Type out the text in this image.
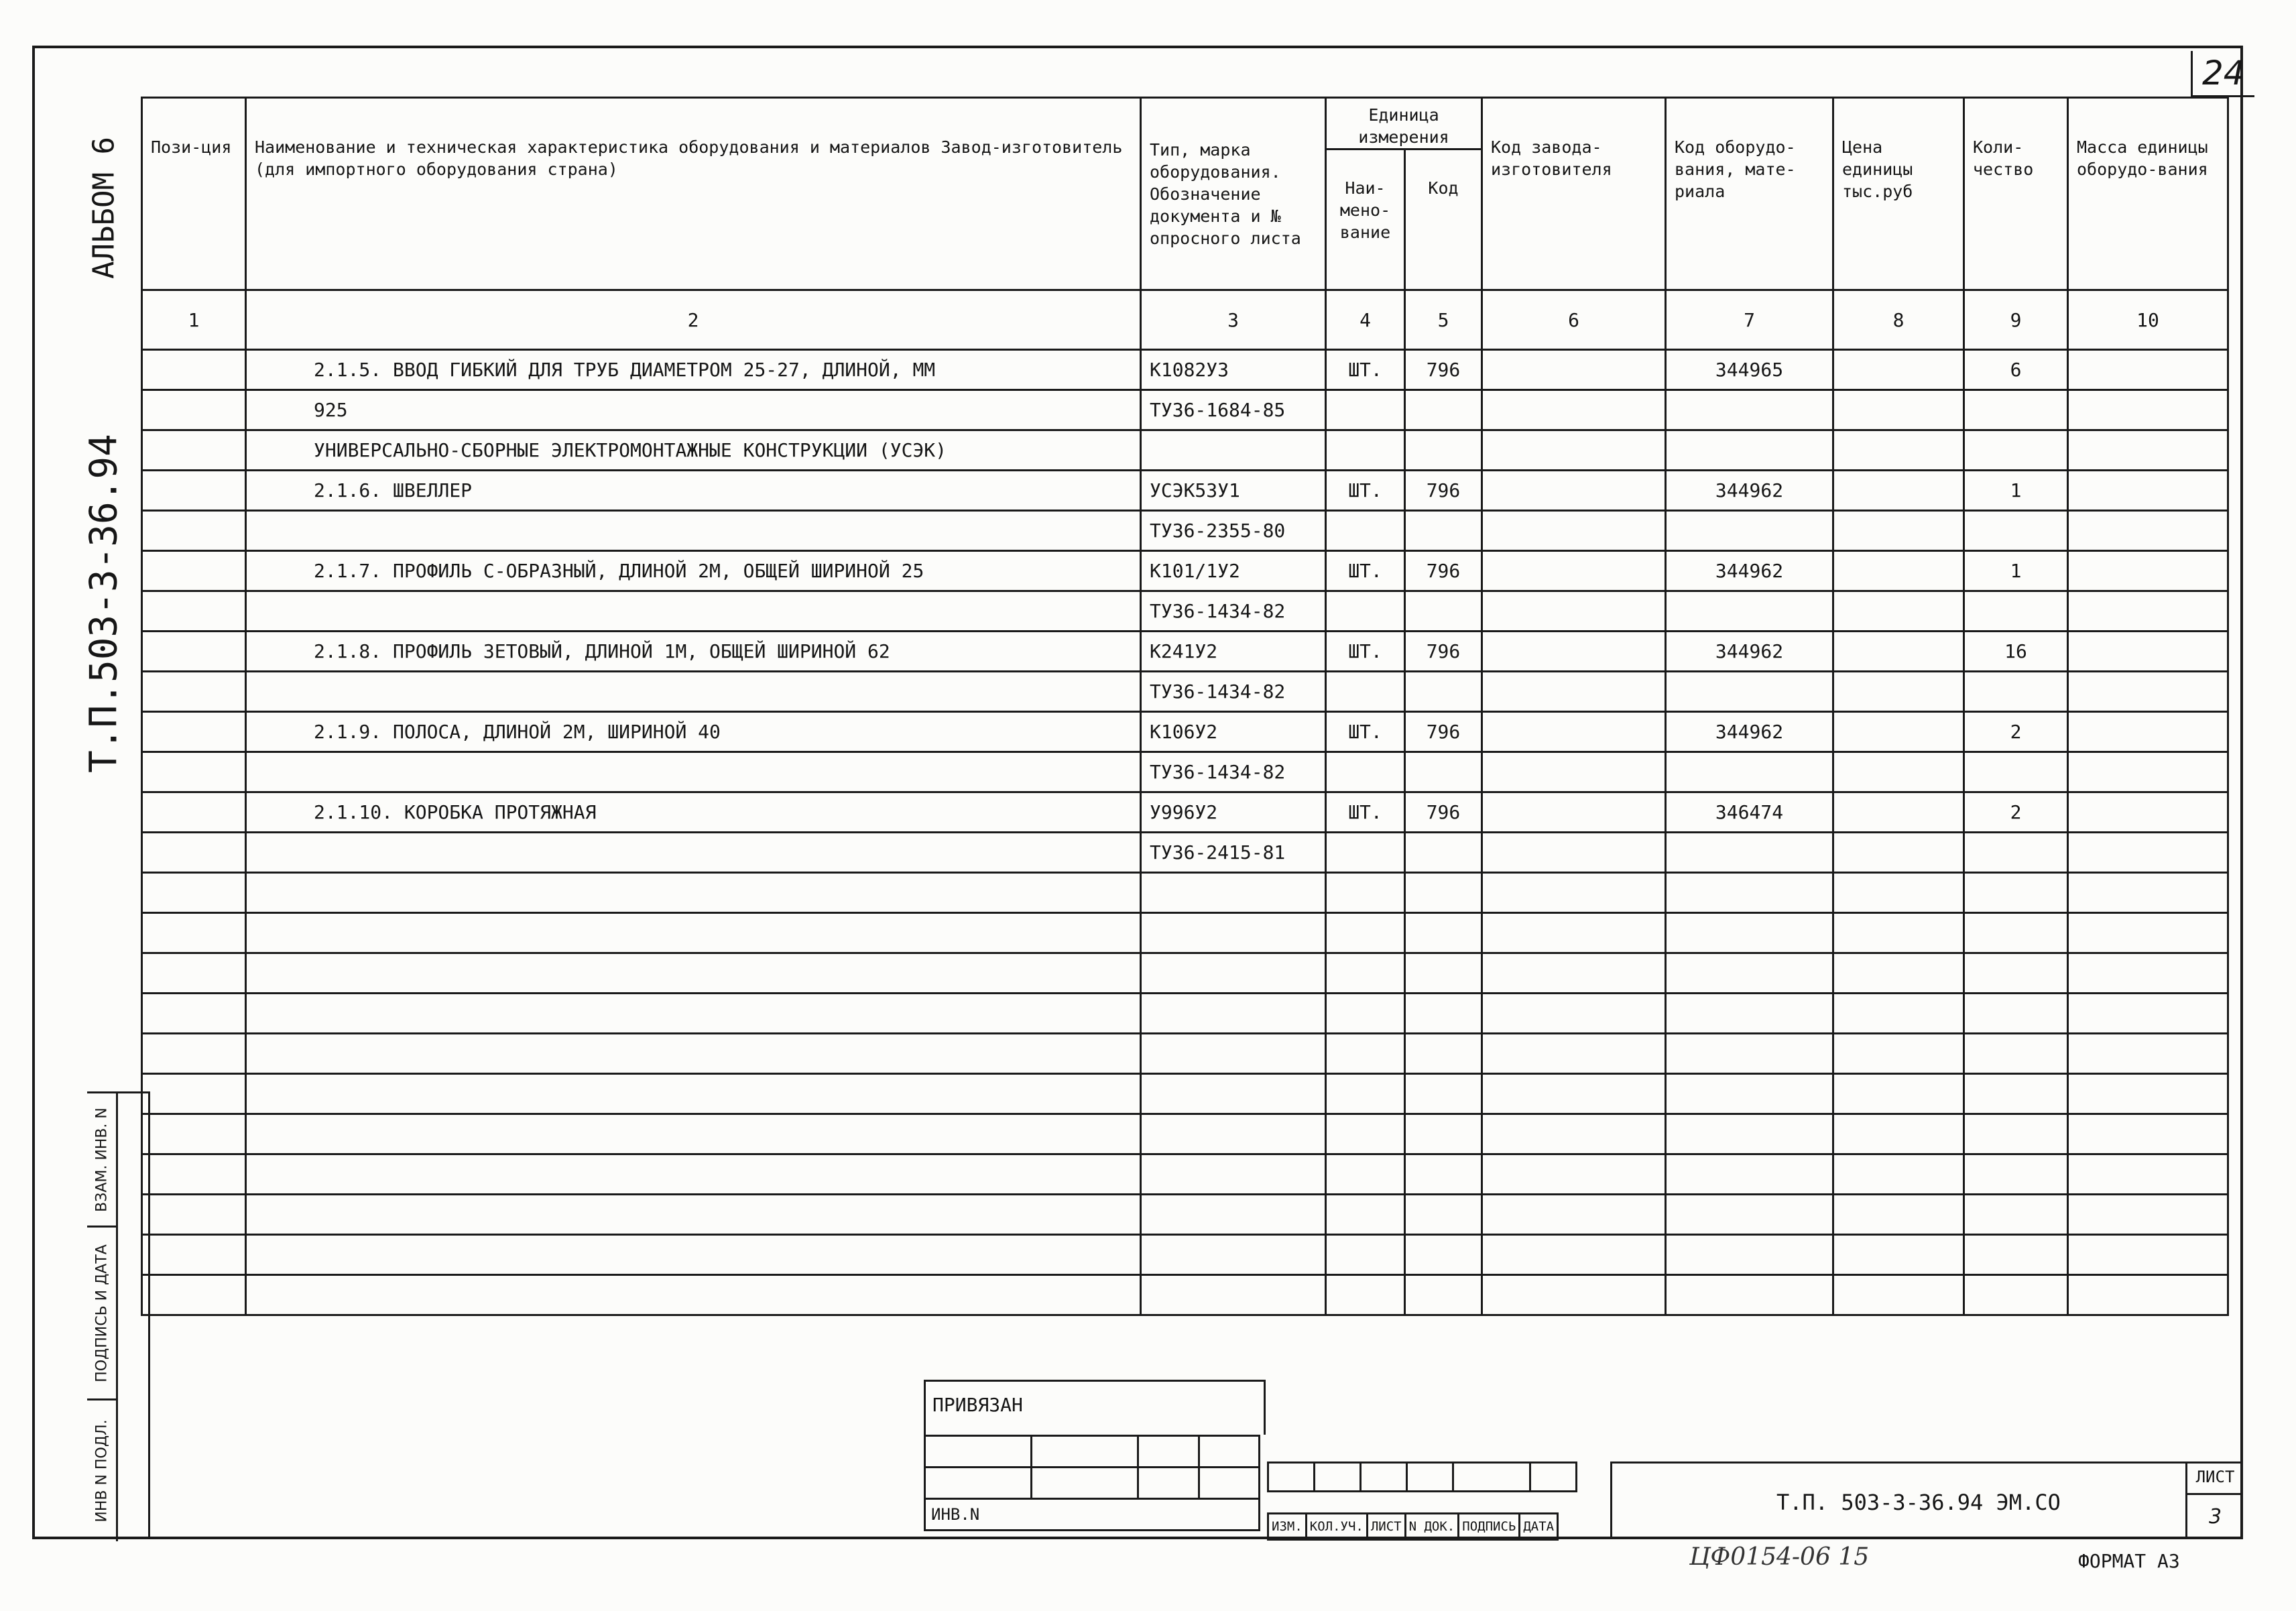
24
АЛЬБОМ 6
Т.П.503-3-36.94
Пози-ция	Наименование и техническая характеристика оборудования и материалов Завод-изготовитель (для импортного оборудования страна)	Тип, марка оборудования. Обозначение документа и № опросного листа	Единица измерения		Код завода-изготовителя	Код оборудо-вания, мате-риала	Цена единицы тыс.руб	Коли-чество	Масса единицы оборудо-вания
			Наи-мено-вание	Код					
1	2	3	4	5	6	7	8	9	10
	2.1.5. ВВОД ГИБКИЙ ДЛЯ ТРУБ ДИАМЕТРОМ 25-27, ДЛИНОЙ, ММ	К1082У3	ШТ.	796		344965		6	
	925	ТУ36-1684-85							
	УНИВЕРСАЛЬНО-СБОРНЫЕ ЭЛЕКТРОМОНТАЖНЫЕ КОНСТРУКЦИИ (УСЭК)								
	2.1.6. ШВЕЛЛЕР	УСЭК53У1	ШТ.	796		344962		1	
		ТУ36-2355-80							
	2.1.7. ПРОФИЛЬ С-ОБРАЗНЫЙ, ДЛИНОЙ 2М, ОБЩЕЙ ШИРИНОЙ 25	К101/1У2	ШТ.	796		344962		1	
		ТУ36-1434-82							
	2.1.8. ПРОФИЛЬ ЗЕТОВЫЙ, ДЛИНОЙ 1М, ОБЩЕЙ ШИРИНОЙ 62	К241У2	ШТ.	796		344962		16	
		ТУ36-1434-82							
	2.1.9. ПОЛОСА, ДЛИНОЙ 2М, ШИРИНОЙ 40	К106У2	ШТ.	796		344962		2	
		ТУ36-1434-82							
	2.1.10. КОРОБКА ПРОТЯЖНАЯ	У996У2	ШТ.	796		346474		2	
		ТУ36-2415-81							

ВЗАМ. ИНВ. N
ПОДПИСЬ И ДАТА
ИНВ N ПОДЛ.
ПРИВЯЗАН

ИНВ.N			

ИЗМ.	КОЛ.УЧ.	ЛИСТ	N ДОК.	ПОДПИСЬ	ДАТА
Т.П. 503-3-36.94 ЭМ.СО
ЛИСТ
3
ЦФ0154-06 15	ФОРМАТ А3
